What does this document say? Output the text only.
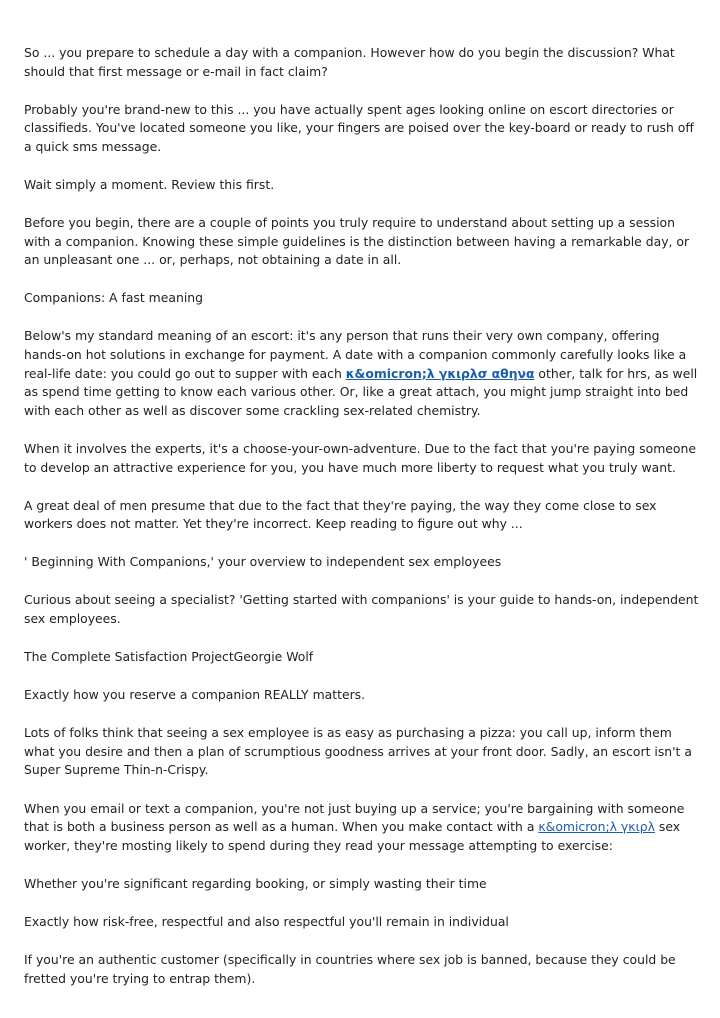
So ... you prepare to schedule a day with a companion. However how do you begin the discussion? What should that first message or e-mail in fact claim?

Probably you're brand-new to this ... you have actually spent ages looking online on escort directories or classifieds. You've located someone you like, your fingers are poised over the key-board or ready to rush off a quick sms message.

Wait simply a moment. Review this first.

Before you begin, there are a couple of points you truly require to understand about setting up a session with a companion. Knowing these simple guidelines is the distinction between having a remarkable day, or an unpleasant one ... or, perhaps, not obtaining a date in all.

Companions: A fast meaning

Below's my standard meaning of an escort: it's any person that runs their very own company, offering hands-on hot solutions in exchange for payment. A date with a companion commonly carefully looks like a real-life date: you could go out to supper with each κ&omicron;λ γκιρλσ αθηνα other, talk for hrs, as well as spend time getting to know each various other. Or, like a great attach, you might jump straight into bed with each other as well as discover some crackling sex-related chemistry.

When it involves the experts, it's a choose-your-own-adventure. Due to the fact that you're paying someone to develop an attractive experience for you, you have much more liberty to request what you truly want.

A great deal of men presume that due to the fact that they're paying, the way they come close to sex workers does not matter. Yet they're incorrect. Keep reading to figure out why ...

' Beginning With Companions,' your overview to independent sex employees

Curious about seeing a specialist? 'Getting started with companions' is your guide to hands-on, independent sex employees.

The Complete Satisfaction ProjectGeorgie Wolf

Exactly how you reserve a companion REALLY matters.

Lots of folks think that seeing a sex employee is as easy as purchasing a pizza: you call up, inform them what you desire and then a plan of scrumptious goodness arrives at your front door. Sadly, an escort isn't a Super Supreme Thin-n-Crispy.

When you email or text a companion, you're not just buying up a service; you're bargaining with someone that is both a business person as well as a human. When you make contact with a κ&omicron;λ γκιρλ sex worker, they're mosting likely to spend during they read your message attempting to exercise:

Whether you're significant regarding booking, or simply wasting their time

Exactly how risk-free, respectful and also respectful you'll remain in individual

If you're an authentic customer (specifically in countries where sex job is banned, because they could be fretted you're trying to entrap them).
